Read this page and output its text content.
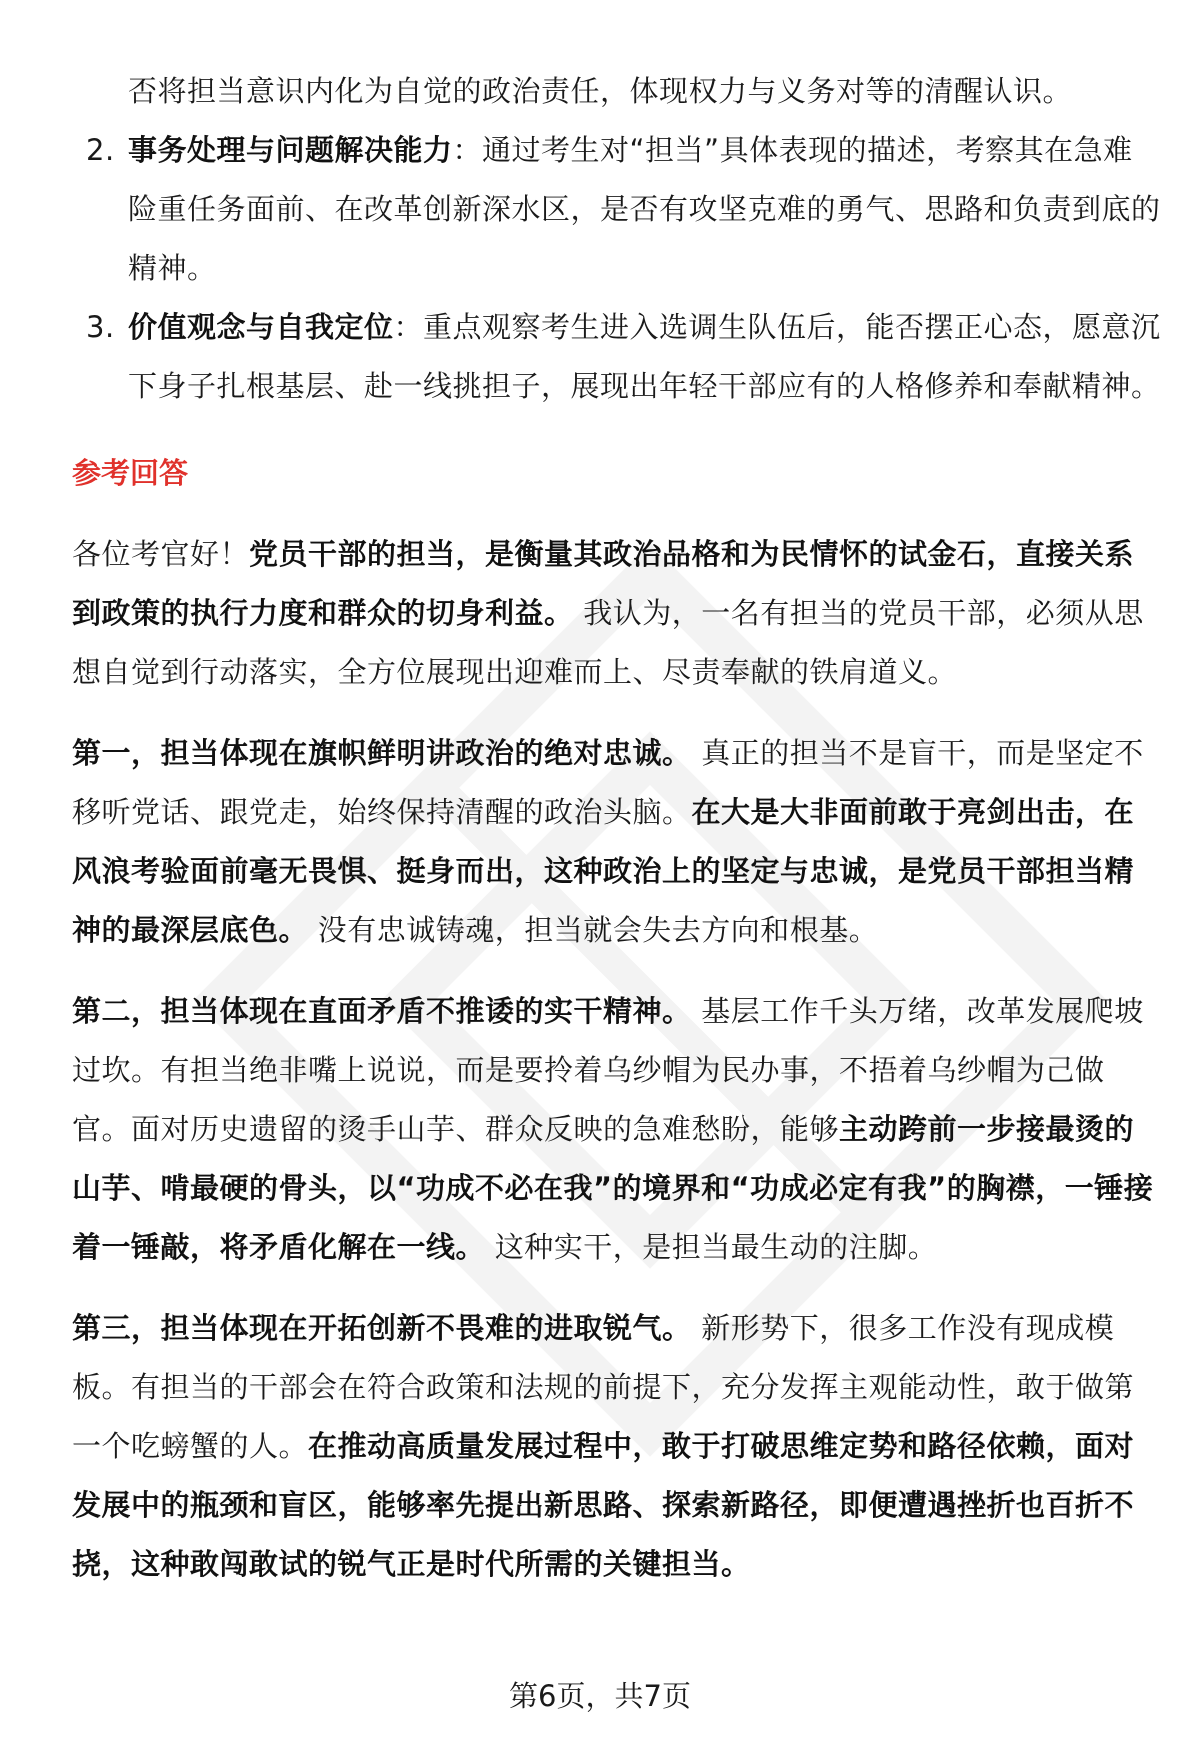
否将担当意识内化为自觉的政治责任，体现权力与义务对等的清醒认识。

2. 事务处理与问题解决能力：通过考生对“担当”具体表现的描述，考察其在急难险重任务面前、在改革创新深水区，是否有攻坚克难的勇气、思路和负责到底的精神。
3. 价值观念与自我定位：重点观察考生进入选调生队伍后，能否摆正心态，愿意沉下身子扎根基层、赴一线挑担子，展现出年轻干部应有的人格修养和奉献精神。
参考回答

各位考官好！党员干部的担当，是衡量其政治品格和为民情怀的试金石，直接关系到政策的执行力度和群众的切身利益。 我认为，一名有担当的党员干部，必须从思想自觉到行动落实，全方位展现出迎难而上、尽责奉献的铁肩道义。

第一，担当体现在旗帜鲜明讲政治的绝对忠诚。 真正的担当不是盲干，而是坚定不移听党话、跟党走，始终保持清醒的政治头脑。在大是大非面前敢于亮剑出击，在风浪考验面前毫无畏惧、挺身而出，这种政治上的坚定与忠诚，是党员干部担当精神的最深层底色。 没有忠诚铸魂，担当就会失去方向和根基。

第二，担当体现在直面矛盾不推诿的实干精神。 基层工作千头万绪，改革发展爬坡过坎。有担当绝非嘴上说说，而是要拎着乌纱帽为民办事，不捂着乌纱帽为己做官。面对历史遗留的烫手山芋、群众反映的急难愁盼，能够主动跨前一步接最烫的山芋、啃最硬的骨头，以“功成不必在我”的境界和“功成必定有我”的胸襟，一锤接着一锤敲，将矛盾化解在一线。 这种实干，是担当最生动的注脚。

第三，担当体现在开拓创新不畏难的进取锐气。 新形势下，很多工作没有现成模板。有担当的干部会在符合政策和法规的前提下，充分发挥主观能动性，敢于做第一个吃螃蟹的人。在推动高质量发展过程中，敢于打破思维定势和路径依赖，面对发展中的瓶颈和盲区，能够率先提出新思路、探索新路径，即便遭遇挫折也百折不挠，这种敢闯敢试的锐气正是时代所需的关键担当。

第6页，共7页
